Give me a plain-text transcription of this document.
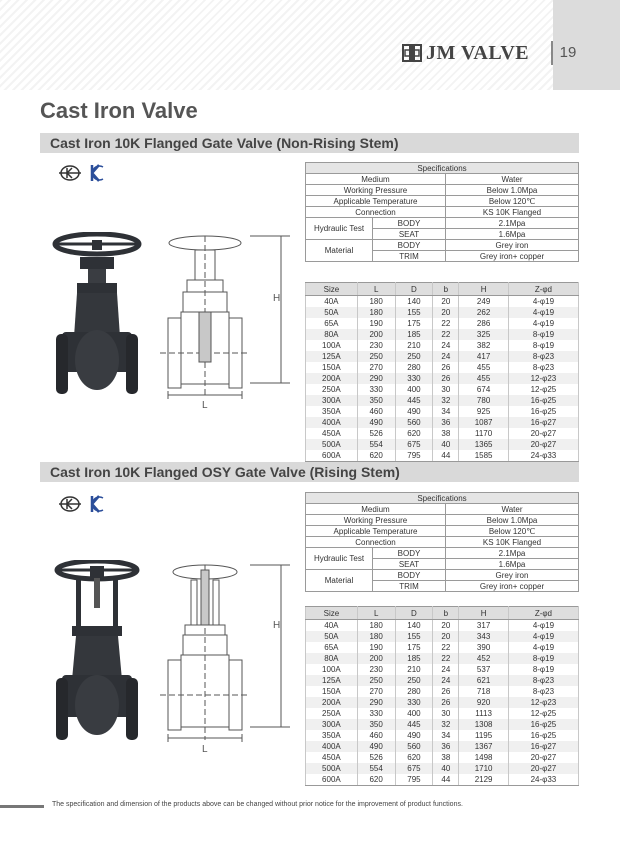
JM VALVE	19
Cast Iron Valve
Cast Iron 10K Flanged Gate Valve (Non-Rising Stem)
H
L
Specifications		
Medium		Water
Working Pressure		Below 1.0Mpa
Applicable Temperature		Below 120℃
Connection		KS 10K Flanged
Hydraulic Test	BODY	2.1Mpa
	SEAT	1.6Mpa
Material	BODY	Grey iron
	TRIM	Grey iron+ copper
Size	L	D	b	H	Z-φd
40A	180	140	20	249	4-φ19
50A	180	155	20	262	4-φ19
65A	190	175	22	286	4-φ19
80A	200	185	22	325	8-φ19
100A	230	210	24	382	8-φ19
125A	250	250	24	417	8-φ23
150A	270	280	26	455	8-φ23
200A	290	330	26	455	12-φ23
250A	330	400	30	674	12-φ25
300A	350	445	32	780	16-φ25
350A	460	490	34	925	16-φ25
400A	490	560	36	1087	16-φ27
450A	526	620	38	1170	20-φ27
500A	554	675	40	1365	20-φ27
600A	620	795	44	1585	24-φ33
Cast Iron 10K Flanged OSY Gate Valve (Rising Stem)
H
L
Specifications		
Medium		Water
Working Pressure		Below 1.0Mpa
Applicable Temperature		Below 120℃
Connection		KS 10K Flanged
Hydraulic Test	BODY	2.1Mpa
	SEAT	1.6Mpa
Material	BODY	Grey iron
	TRIM	Grey iron+ copper
Size	L	D	b	H	Z-φd
40A	180	140	20	317	4-φ19
50A	180	155	20	343	4-φ19
65A	190	175	22	390	4-φ19
80A	200	185	22	452	8-φ19
100A	230	210	24	537	8-φ19
125A	250	250	24	621	8-φ23
150A	270	280	26	718	8-φ23
200A	290	330	26	920	12-φ23
250A	330	400	30	1113	12-φ25
300A	350	445	32	1308	16-φ25
350A	460	490	34	1195	16-φ25
400A	490	560	36	1367	16-φ27
450A	526	620	38	1498	20-φ27
500A	554	675	40	1710	20-φ27
600A	620	795	44	2129	24-φ33
The specification and dimension of the products above can be changed without prior notice for the improvement of product functions.
